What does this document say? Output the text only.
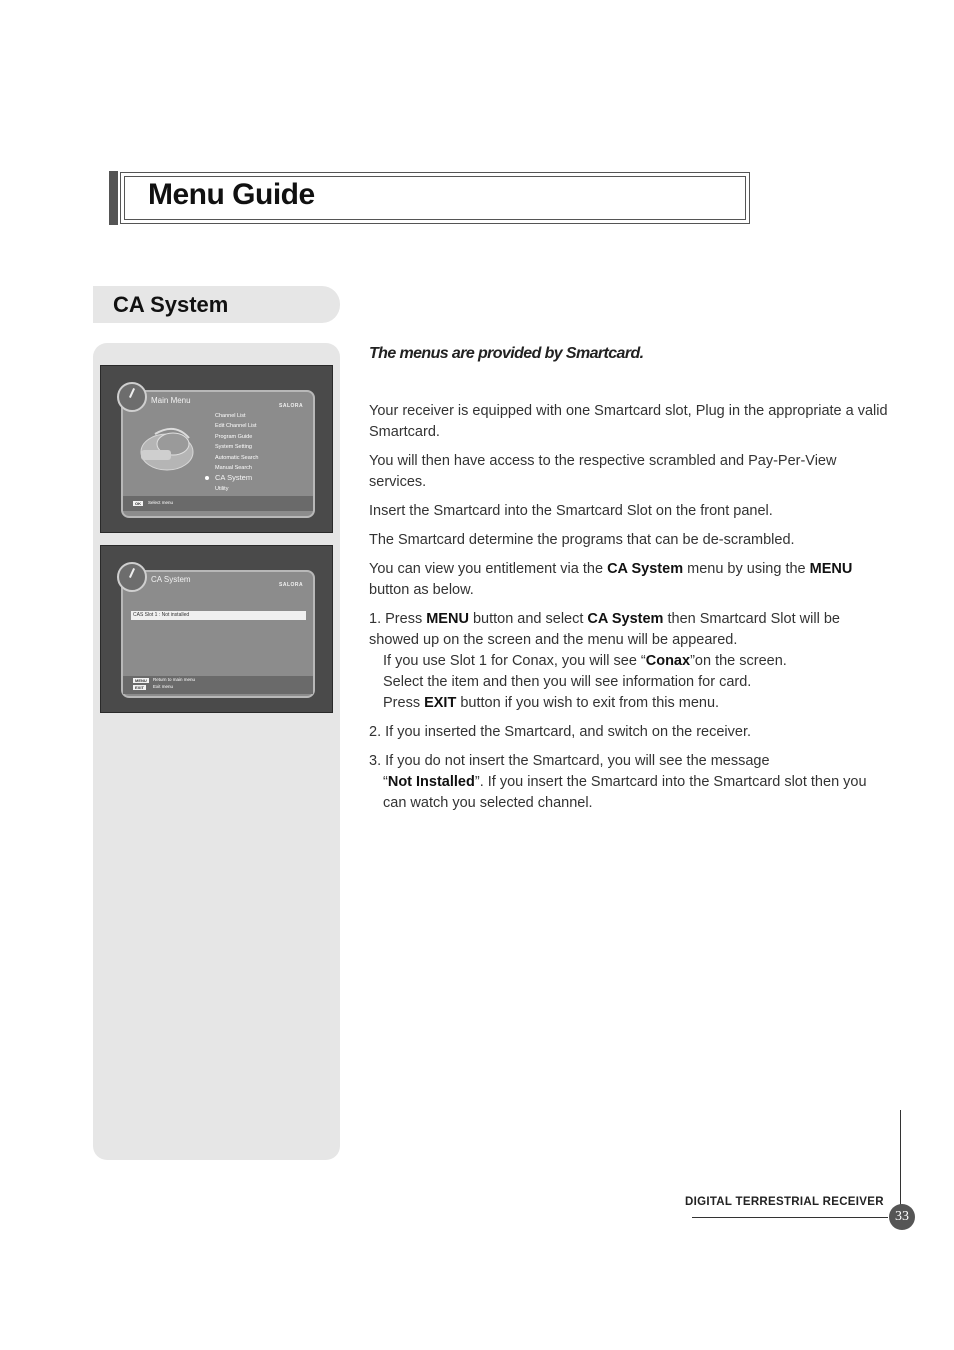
Menu Guide
CA System
Main Menu
SALORA
OK	Select menu
Channel List
Edit Channel List
Program Guide
System Setting
Automatic Search
Manual Search
CA System
Utility
CA System
SALORA
CAS Slot 1 : Not installed
MENU	Return to main menu
EXIT	Exit menu
The menus are provided by Smartcard.

Your receiver is equipped with one Smartcard slot, Plug in the appropriate a valid Smartcard.

You will then have access to the respective scrambled and Pay-Per-View services.

Insert the Smartcard into the Smartcard Slot on the front panel.

The Smartcard determine the programs that can be de-scrambled.

You can view you entitlement via the CA System menu by using the MENU button as below.

1. Press MENU button and select CA System then Smartcard Slot will be showed up on the screen and the menu will be appeared.
If you use Slot 1 for Conax, you will see “Conax”on the screen.
Select the item and then you will see information for card.
Press EXIT button if you wish to exit from this menu.
2. If you inserted the Smartcard, and switch on the receiver.
3. If you do not insert the Smartcard, you will see the message
“Not Installed”. If you insert the Smartcard into the Smartcard slot then you can watch you selected channel.
DIGITAL TERRESTRIAL RECEIVER
33
